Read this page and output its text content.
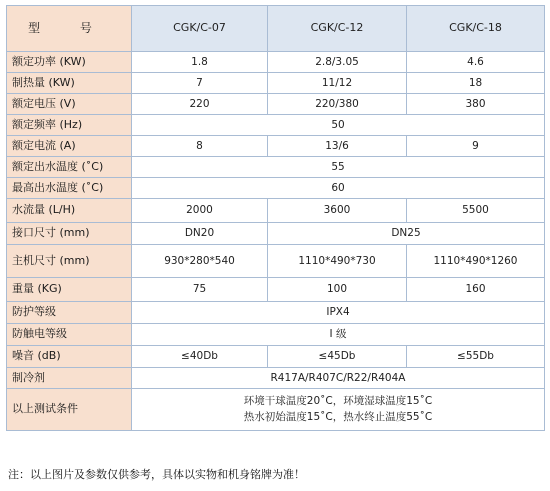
型 号	CGK/C-07	CGK/C-12	CGK/C-18
额定功率 (KW)	1.8	2.8/3.05	4.6
制热量 (KW)	7	11/12	18
额定电压 (V)	220	220/380	380
额定频率 (Hz)	50		
额定电流 (A)	8	13/6	9
额定出水温度 (˚C)	55		
最高出水温度 (˚C)	60		
水流量 (L/H)	2000	3600	5500
接口尺寸 (mm)	DN20	DN25	
主机尺寸 (mm)	930*280*540	1110*490*730	1110*490*1260
重量 (KG)	75	100	160
防护等级	IPX4		
防触电等级	I 级		
噪音 (dB)	≤40Db	≤45Db	≤55Db
制冷剂	R417A/R407C/R22/R404A		
以上测试条件	环境干球温度20˚C，环境湿球温度15˚C
热水初始温度15˚C，热水终止温度55˚C		
注：以上图片及参数仅供参考，具体以实物和机身铭牌为准！
